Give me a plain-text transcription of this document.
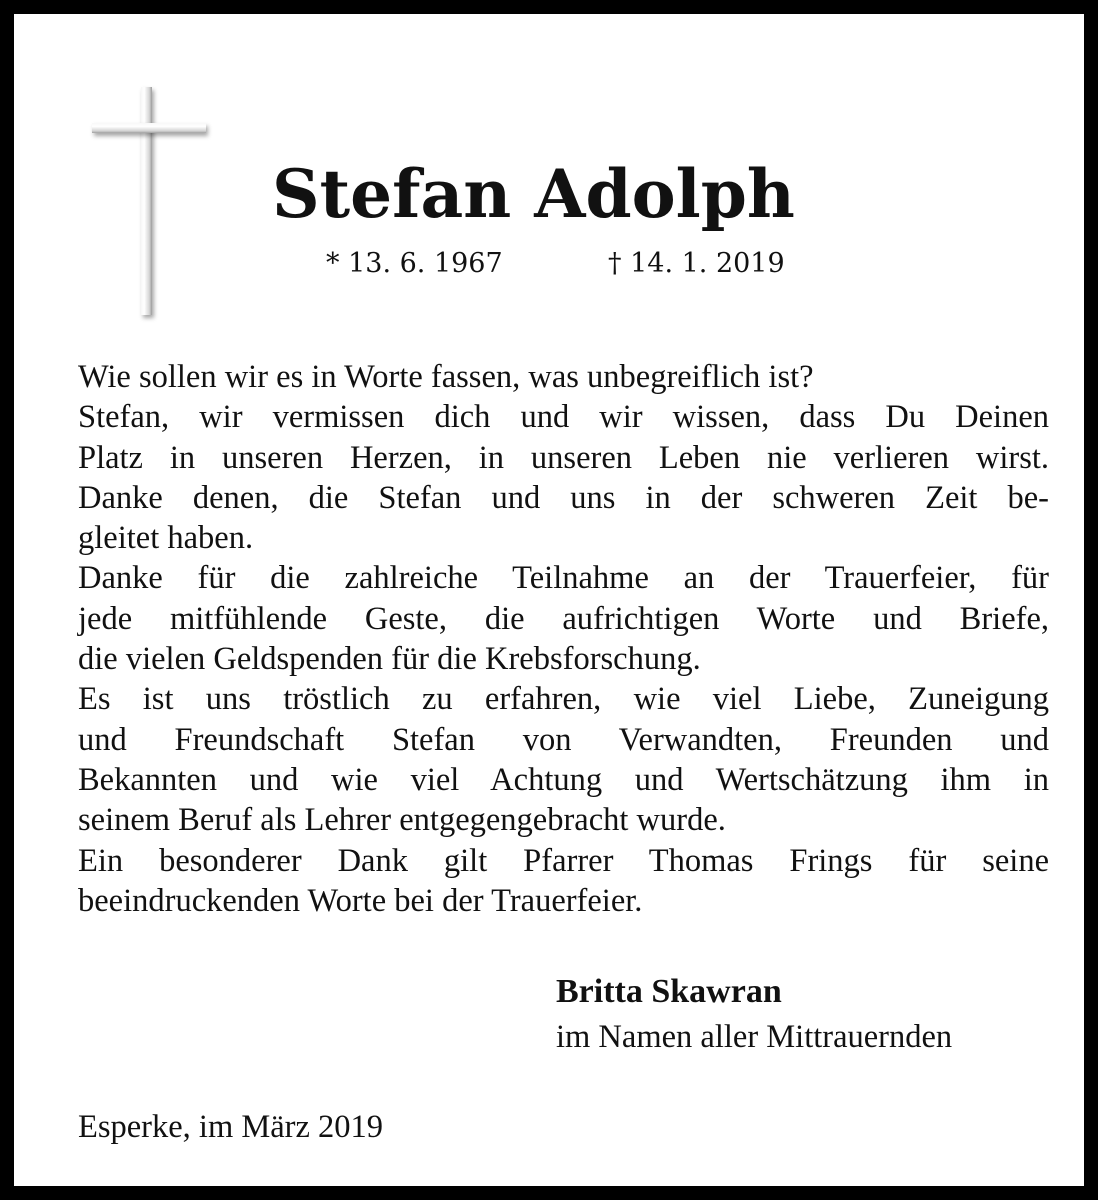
Stefan Adolph
* 13. 6. 1967	† 14. 1. 2019
Wie sollen wir es in Worte fassen, was unbegreiflich ist?
Stefan, wir vermissen dich und wir wissen, dass Du Deinen
Platz in unseren Herzen, in unseren Leben nie verlieren wirst.
Danke denen, die Stefan und uns in der schweren Zeit be-
gleitet haben.
Danke für die zahlreiche Teilnahme an der Trauerfeier, für
jede mitfühlende Geste, die aufrichtigen Worte und Briefe,
die vielen Geldspenden für die Krebsforschung.
Es ist uns tröstlich zu erfahren, wie viel Liebe, Zuneigung
und Freundschaft Stefan von Verwandten, Freunden und
Bekannten und wie viel Achtung und Wertschätzung ihm in
seinem Beruf als Lehrer entgegengebracht wurde.
Ein besonderer Dank gilt Pfarrer Thomas Frings für seine
beeindruckenden Worte bei der Trauerfeier.
Britta Skawran
im Namen aller Mittrauernden
Esperke, im März 2019
